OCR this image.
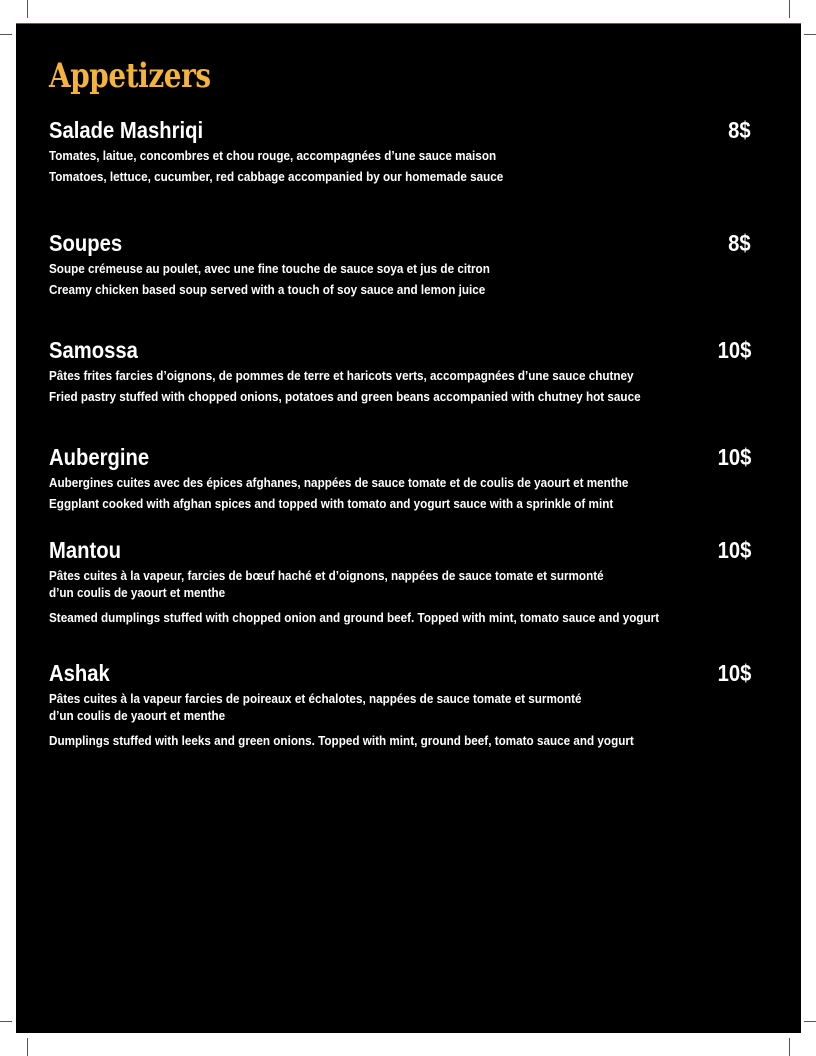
Appetizers
Salade Mashriqi	8$

Tomates, laitue, concombres et chou rouge, accompagnées d’une sauce maison

Tomatoes, lettuce, cucumber, red cabbage accompanied by our homemade sauce

Soupes	8$

Soupe crémeuse au poulet, avec une fine touche de sauce soya et jus de citron

Creamy chicken based soup served with a touch of soy sauce and lemon juice

Samossa	10$

Pâtes frites farcies d’oignons, de pommes de terre et haricots verts, accompagnées d’une sauce chutney

Fried pastry stuffed with chopped onions, potatoes and green beans accompanied with chutney hot sauce

Aubergine	10$

Aubergines cuites avec des épices afghanes, nappées de sauce tomate et de coulis de yaourt et menthe

Eggplant cooked with afghan spices and topped with tomato and yogurt sauce with a sprinkle of mint

Mantou	10$

Pâtes cuites à la vapeur, farcies de bœuf haché et d’oignons, nappées de sauce tomate et surmonté

d’un coulis de yaourt et menthe

Steamed dumplings stuffed with chopped onion and ground beef. Topped with mint, tomato sauce and yogurt

Ashak	10$

Pâtes cuites à la vapeur farcies de poireaux et échalotes, nappées de sauce tomate et surmonté

d’un coulis de yaourt et menthe

Dumplings stuffed with leeks and green onions. Topped with mint, ground beef, tomato sauce and yogurt
